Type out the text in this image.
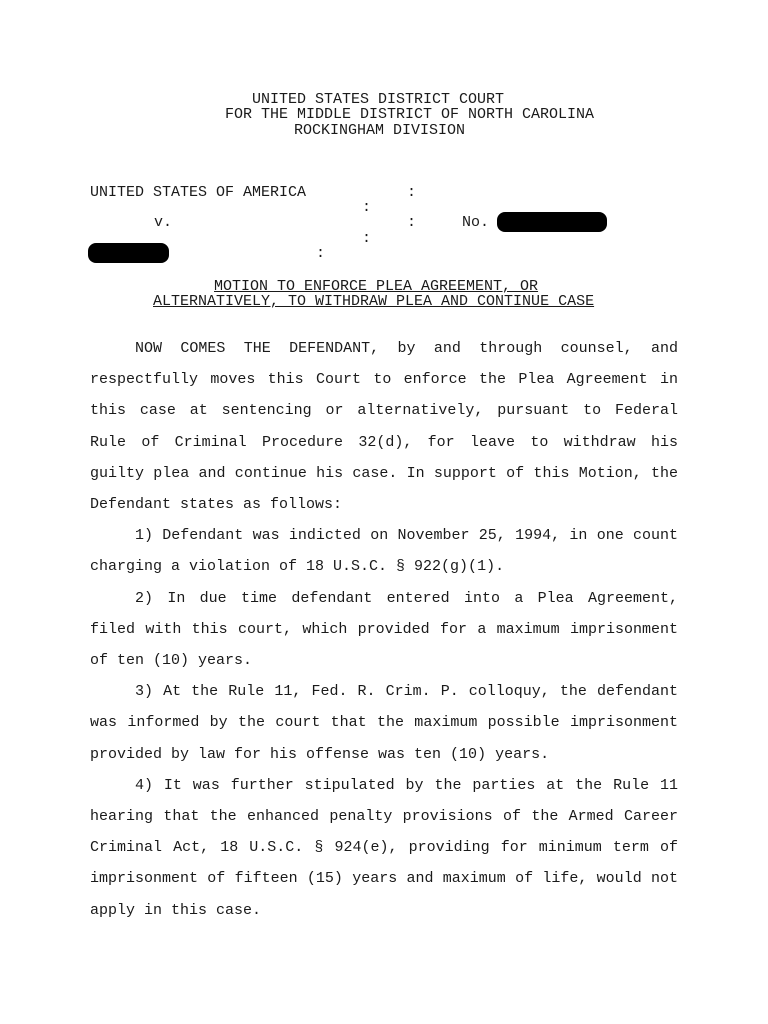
UNITED STATES DISTRICT COURT
FOR THE MIDDLE DISTRICT OF NORTH CAROLINA
ROCKINGHAM DIVISION
UNITED STATES OF AMERICA	:
:
v.	:	No.
:
:
MOTION TO ENFORCE PLEA AGREEMENT, OR
ALTERNATIVELY, TO WITHDRAW PLEA AND CONTINUE CASE

NOW COMES THE DEFENDANT, by and through counsel, and respectfully moves this Court to enforce the Plea Agreement in this case at sentencing or alternatively, pursuant to Federal Rule of Criminal Procedure 32(d), for leave to withdraw his guilty plea and continue his case. In support of this Motion, the Defendant states as follows:

1) Defendant was indicted on November 25, 1994, in one count charging a violation of 18 U.S.C. § 922(g)(1).

2) In due time defendant entered into a Plea Agreement, filed with this court, which provided for a maximum imprisonment of ten (10) years.

3) At the Rule 11, Fed. R. Crim. P. colloquy, the defendant was informed by the court that the maximum possible imprisonment provided by law for his offense was ten (10) years.

4) It was further stipulated by the parties at the Rule 11 hearing that the enhanced penalty provisions of the Armed Career Criminal Act, 18 U.S.C. § 924(e), providing for minimum term of imprisonment of fifteen (15) years and maximum of life, would not apply in this case.
